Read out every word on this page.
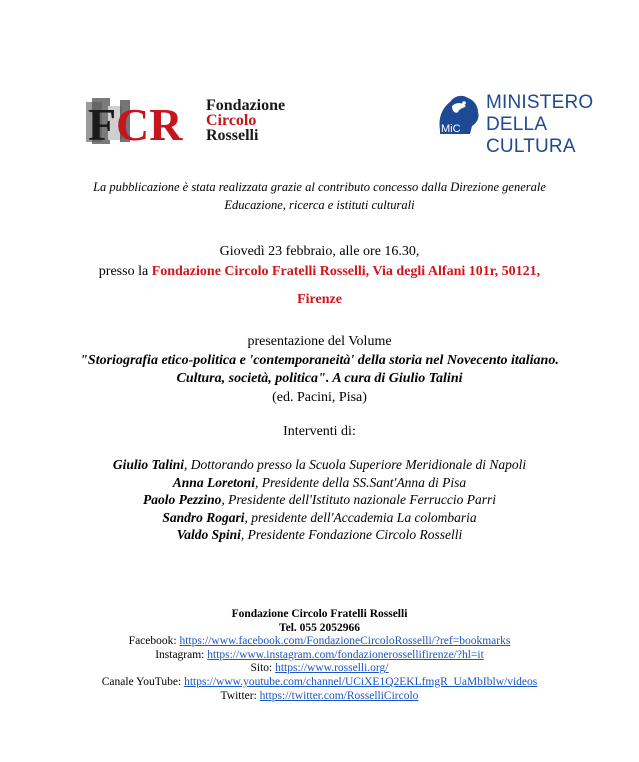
F CR Fondazione
Circolo
Rosselli	MiC
MINISTERO
DELLA
CULTURA
La pubblicazione è stata realizzata grazie al contributo concesso dalla Direzione generale
Educazione, ricerca e istituti culturali
Giovedì 23 febbraio, alle ore 16.30,
presso la Fondazione Circolo Fratelli Rosselli, Via degli Alfani 101r, 50121,
Firenze
presentazione del Volume
"Storiografia etico-politica e 'contemporaneità' della storia nel Novecento italiano.
Cultura, società, politica". A cura di Giulio Talini
(ed. Pacini, Pisa)
Interventi di:
Giulio Talini, Dottorando presso la Scuola Superiore Meridionale di Napoli
Anna Loretoni, Presidente della SS.Sant'Anna di Pisa
Paolo Pezzino, Presidente dell'Istituto nazionale Ferruccio Parri
Sandro Rogari, presidente dell'Accademia La colombaria
Valdo Spini, Presidente Fondazione Circolo Rosselli
Fondazione Circolo Fratelli Rosselli
Tel. 055 2052966
Facebook: https://www.facebook.com/FondazioneCircoloRosselli/?ref=bookmarks
Instagram: https://www.instagram.com/fondazionerossellifirenze/?hl=it
Sito: https://www.rosselli.org/
Canale YouTube: https://www.youtube.com/channel/UCiXE1Q2EKLfmgR_UaMbIblw/videos
Twitter: https://twitter.com/RosselliCircolo
